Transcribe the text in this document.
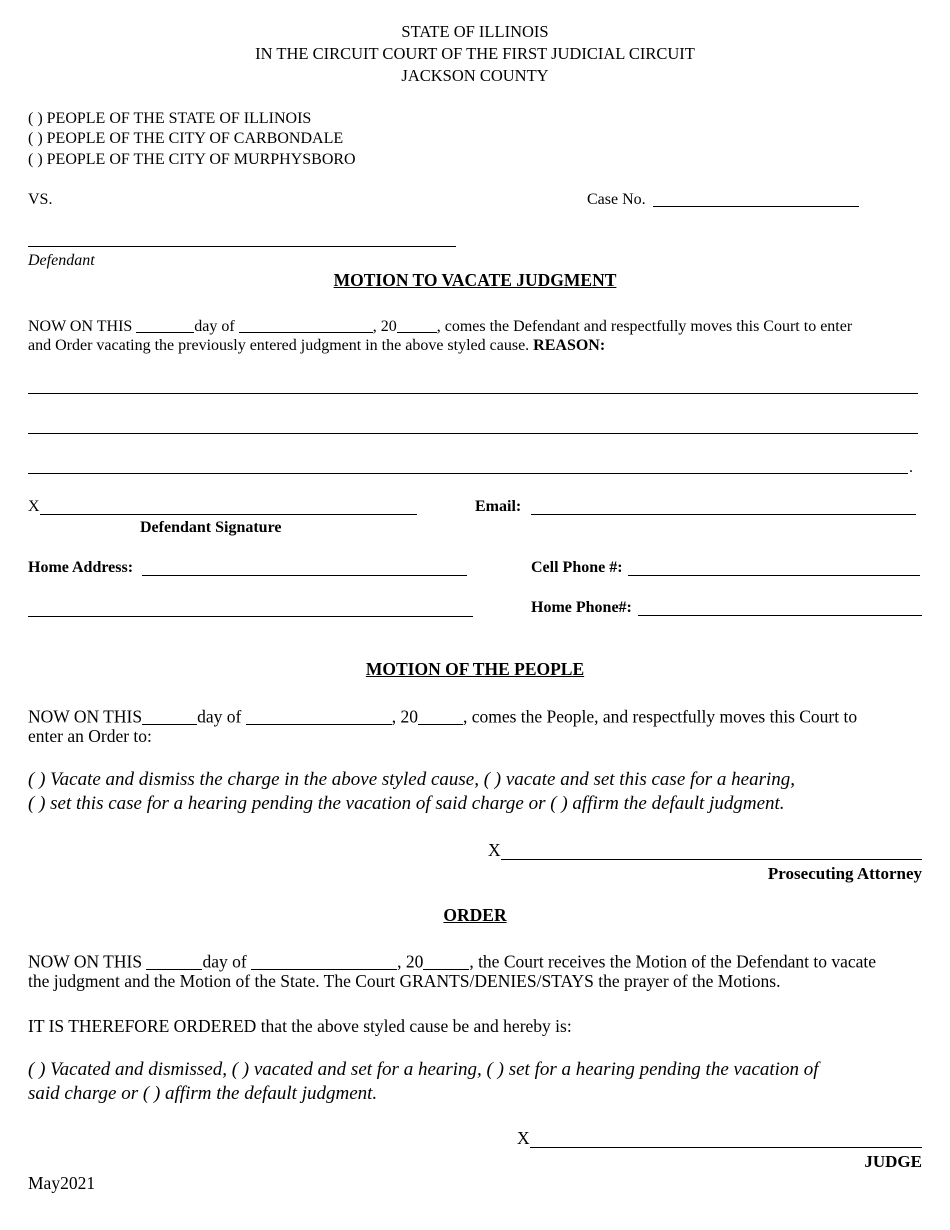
STATE OF ILLINOIS
IN THE CIRCUIT COURT OF THE FIRST JUDICIAL CIRCUIT
JACKSON COUNTY
( ) PEOPLE OF THE STATE OF ILLINOIS
( ) PEOPLE OF THE CITY OF CARBONDALE
( ) PEOPLE OF THE CITY OF MURPHYSBORO
VS.	Case No.
Defendant
MOTION TO VACATE JUDGMENT
NOW ON THIS	day of	, 20	, comes the Defendant and respectfully moves this Court to enter
and Order vacating the previously entered judgment in the above styled cause. REASON:
.
X
Defendant Signature
Email:
Home Address:	Cell Phone #:
Home Phone#:
MOTION OF THE PEOPLE
NOW ON THIS	day of	, 20	, comes the People, and respectfully moves this Court to
enter an Order to:
( ) Vacate and dismiss the charge in the above styled cause, ( ) vacate and set this case for a hearing,
( ) set this case for a hearing pending the vacation of said charge or ( ) affirm the default judgment.
X
Prosecuting Attorney
ORDER
NOW ON THIS	day of	, 20	, the Court receives the Motion of the Defendant to vacate
the judgment and the Motion of the State. The Court GRANTS/DENIES/STAYS the prayer of the Motions.
IT IS THEREFORE ORDERED that the above styled cause be and hereby is:
( ) Vacated and dismissed, ( ) vacated and set for a hearing, ( ) set for a hearing pending the vacation of
said charge or ( ) affirm the default judgment.
X
JUDGE
May2021
